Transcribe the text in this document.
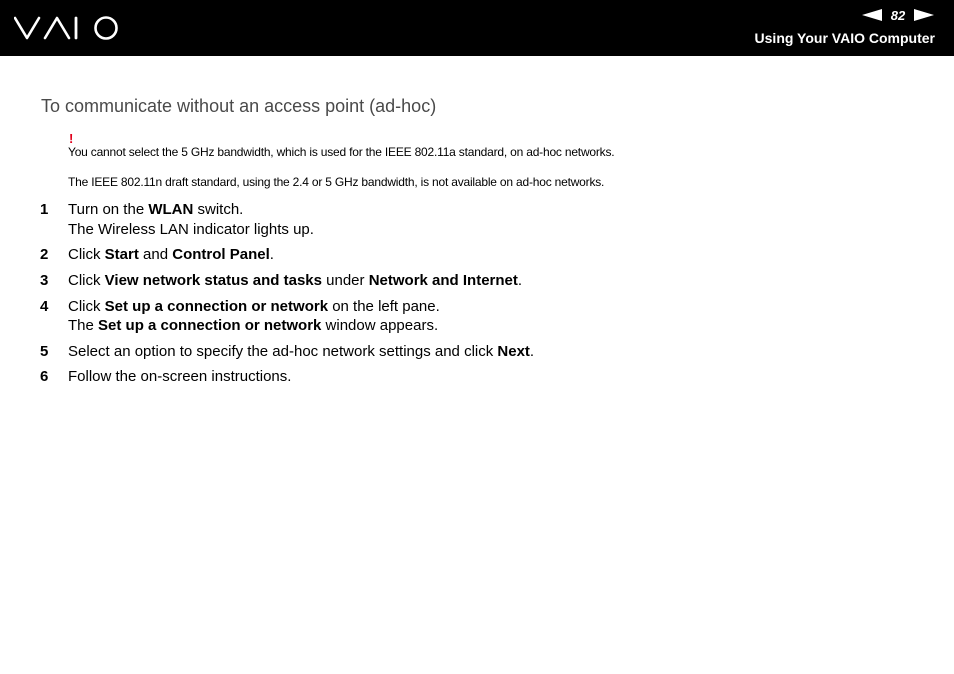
82
Using Your VAIO Computer
To communicate without an access point (ad-hoc)
!
You cannot select the 5 GHz bandwidth, which is used for the IEEE 802.11a standard, on ad-hoc networks.
The IEEE 802.11n draft standard, using the 2.4 or 5 GHz bandwidth, is not available on ad-hoc networks.
1 Turn on the WLAN switch.
The Wireless LAN indicator lights up.
2 Click Start and Control Panel.
3 Click View network status and tasks under Network and Internet.
4 Click Set up a connection or network on the left pane.
The Set up a connection or network window appears.
5 Select an option to specify the ad-hoc network settings and click Next.
6 Follow the on-screen instructions.
